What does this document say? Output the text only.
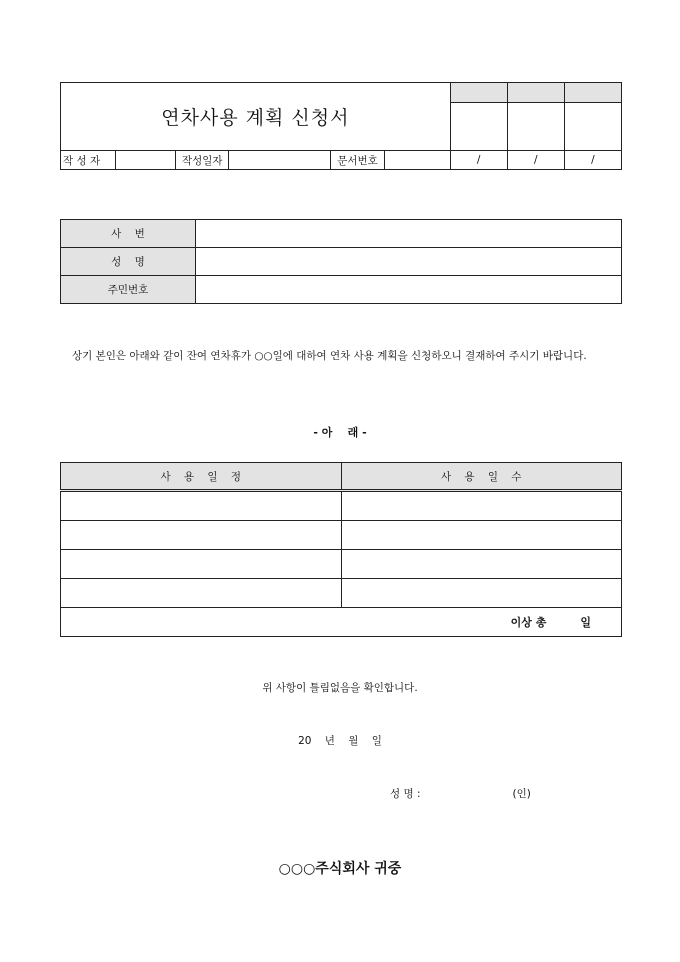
연차사용 계획 신청서								

작 성 자		작성일자		문서번호		/	/	/
사    번	
성    명	
주민번호	
상기 본인은 아래와 같이 잔여 연차휴가 ○○일에 대하여 연차 사용 계획을 신청하오니 결재하여 주시기 바랍니다.
- 아    래 -
사    용    일    정	사    용    일    수

이상 총 일	
위 사항이 틀림없음을 확인합니다.
20    년    월    일
성 명 :	(인)
○○○주식회사 귀중
